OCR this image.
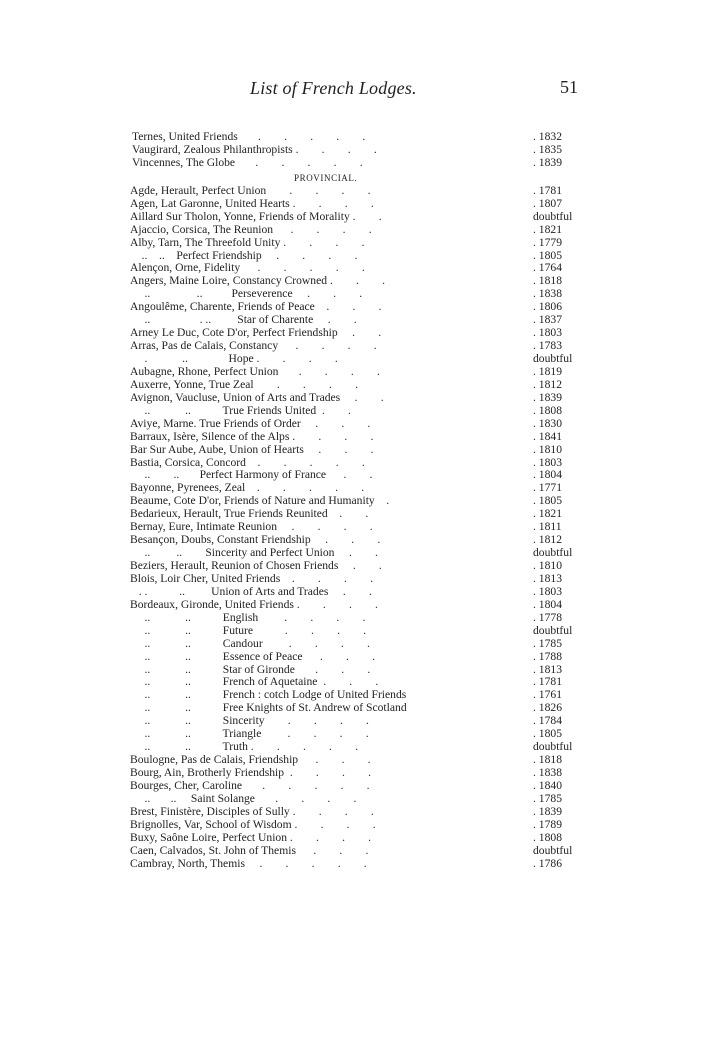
List of French Lodges.	51
Ternes, United Friends       .        .        .        .        .	. 1832
Vaugirard, Zealous Philanthropists .        .        .        .	. 1835
Vincennes, The Globe       .        .        .        .        .	. 1839
PROVINCIAL.
Agde, Herault, Perfect Union        .        .        .        .	. 1781
Agen, Lat Garonne, United Hearts .        .        .        .	. 1807
Aillard Sur Tholon, Yonne, Friends of Morality .        .	doubtful
Ajaccio, Corsica, The Reunion      .        .        .        .	. 1821
Alby, Tarn, The Threefold Unity .        .        .        .	. 1779
..    ..    Perfect Friendship     .        .        .        .	. 1805
Alençon, Orne, Fidelity      .        .        .        .        .	. 1764
Angers, Maine Loire, Constancy Crowned .        .        .	. 1818
..                ..          Perseverence     .        .        .	. 1838
Angoulême, Charente, Friends of Peace    .        .        .	. 1806
..                 . ..         Star of Charente     .        .	. 1837
Arney Le Duc, Cote D'or, Perfect Friendship     .        .	. 1803
Arras, Pas de Calais, Constancy      .        .        .        .	. 1783
.            ..              Hope .        .        .        .	doubtful
Aubagne, Rhone, Perfect Union       .        .        .        .	. 1819
Auxerre, Yonne, True Zeal        .        .        .        .	. 1812
Avignon, Vaucluse, Union of Arts and Trades     .        .	. 1839
..            ..           True Friends United  .        .	. 1808
Aviye, Marne. True Friends of Order     .        .        .	. 1830
Barraux, Isère, Silence of the Alps .        .        .        .	. 1841
Bar Sur Aube, Aube, Union of Hearts     .        .        .	. 1810
Bastia, Corsica, Concord    .        .        .        .        .	. 1803
..        ..       Perfect Harmony of France      .        .	. 1804
Bayonne, Pyrenees, Zeal    .        .        .        .        .	. 1771
Beaume, Cote D'or, Friends of Nature and Humanity    .	. 1805
Bedarieux, Herault, True Friends Reunited    .        .	. 1821
Bernay, Eure, Intimate Reunion     .        .        .        .	. 1811
Besançon, Doubs, Constant Friendship     .        .        .	. 1812
..         ..        Sincerity and Perfect Union     .        .	doubtful
Beziers, Herault, Reunion of Chosen Friends     .        .	. 1810
Blois, Loir Cher, United Friends    .        .        .        .	. 1813
. .           ..         Union of Arts and Trades     .        .	. 1803
Bordeaux, Gironde, United Friends .        .        .        .	. 1804
..            ..           English         .        .        .        .	. 1778
..            ..           Future           .        .        .        .	doubtful
..            ..           Candour         .        .        .        .	. 1785
..            ..           Essence of Peace      .        .        .	. 1788
..            ..           Star of Gironde       .        .        .	. 1813
..            ..           French of Aquetaine  .        .        .	. 1781
..            ..           French : cotch Lodge of United Friends	. 1761
..            ..           Free Knights of St. Andrew of Scotland	. 1826
..            ..           Sincerity        .        .        .        .	. 1784
..            ..           Triangle         .        .        .        .	. 1805
..            ..           Truth .        .        .        .        .	doubtful
Boulogne, Pas de Calais, Friendship      .        .        .	. 1818
Bourg, Ain, Brotherly Friendship  .        .        .        .	. 1838
Bourges, Cher, Caroline       .        .        .        .        .	. 1840
..       ..     Saint Solange       .        .        .        .	. 1785
Brest, Finistère, Disciples of Sully .        .        .        .	. 1839
Brignolles, Var, School of Wisdom .        .        .        .	. 1789
Buxy, Saône Loire, Perfect Union .        .        .        .	. 1808
Caen, Calvados, St. John of Themis      .        .        .	doubtful
Cambray, North, Themis     .        .        .        .        .	. 1786
